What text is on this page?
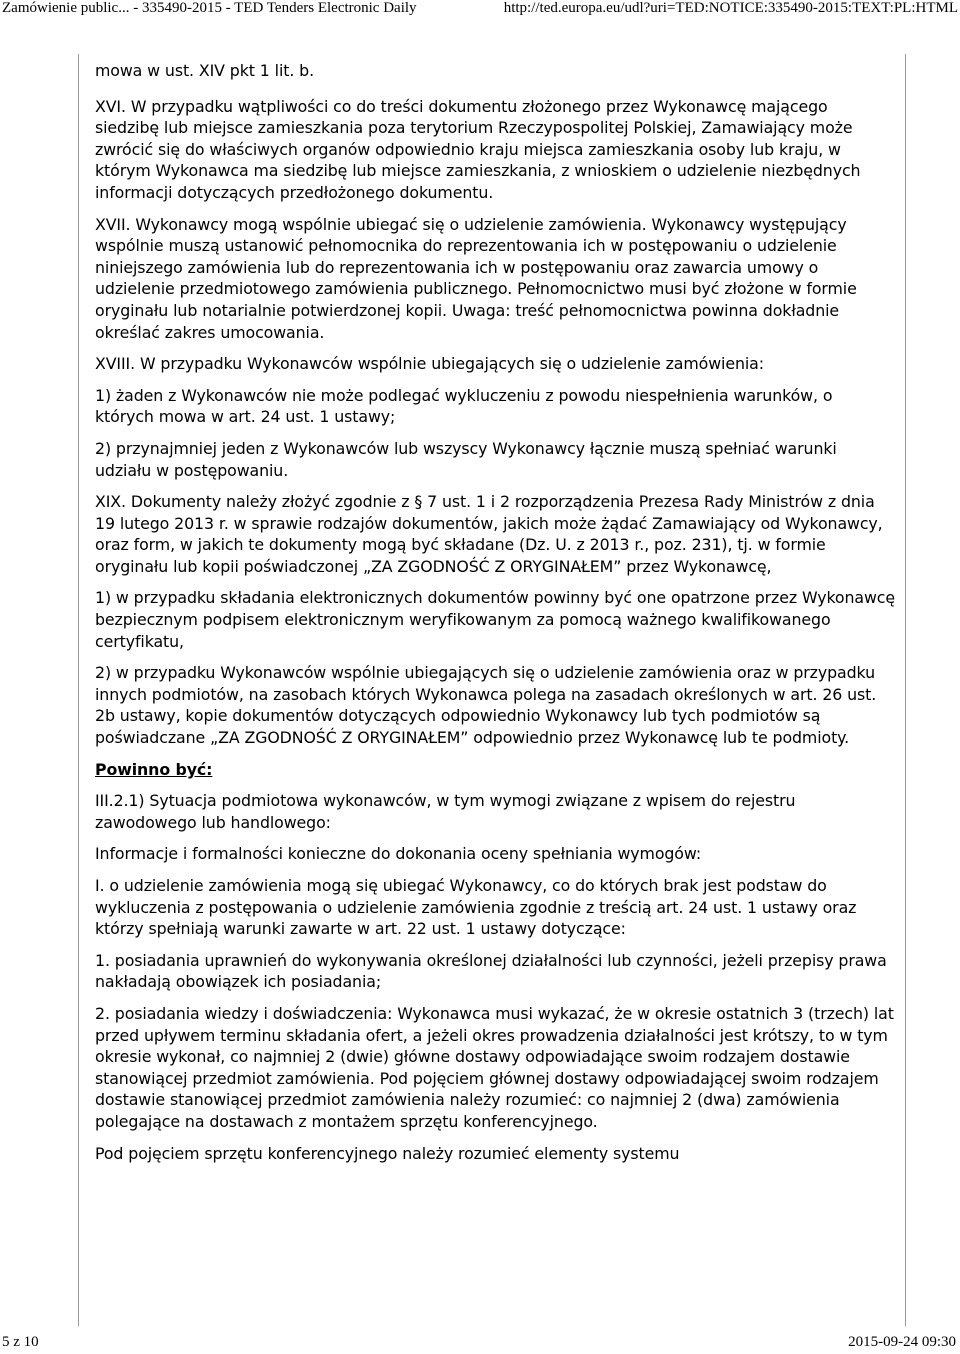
Zamówienie public... - 335490-2015 - TED Tenders Electronic Daily	http://ted.europa.eu/udl?uri=TED:NOTICE:335490-2015:TEXT:PL:HTML

mowa w ust. XIV pkt 1 lit. b.

XVI. W przypadku wątpliwości co do treści dokumentu złożonego przez Wykonawcę mającego siedzibę lub miejsce zamieszkania poza terytorium Rzeczypospolitej Polskiej, Zamawiający może zwrócić się do właściwych organów odpowiednio kraju miejsca zamieszkania osoby lub kraju, w którym Wykonawca ma siedzibę lub miejsce zamieszkania, z wnioskiem o udzielenie niezbędnych informacji dotyczących przedłożonego dokumentu.

XVII. Wykonawcy mogą wspólnie ubiegać się o udzielenie zamówienia. Wykonawcy występujący wspólnie muszą ustanowić pełnomocnika do reprezentowania ich w postępowaniu o udzielenie niniejszego zamówienia lub do reprezentowania ich w postępowaniu oraz zawarcia umowy o udzielenie przedmiotowego zamówienia publicznego. Pełnomocnictwo musi być złożone w formie oryginału lub notarialnie potwierdzonej kopii. Uwaga: treść pełnomocnictwa powinna dokładnie określać zakres umocowania.

XVIII. W przypadku Wykonawców wspólnie ubiegających się o udzielenie zamówienia:

1) żaden z Wykonawców nie może podlegać wykluczeniu z powodu niespełnienia warunków, o których mowa w art. 24 ust. 1 ustawy;

2) przynajmniej jeden z Wykonawców lub wszyscy Wykonawcy łącznie muszą spełniać warunki udziału w postępowaniu.

XIX. Dokumenty należy złożyć zgodnie z § 7 ust. 1 i 2 rozporządzenia Prezesa Rady Ministrów z dnia 19 lutego 2013 r. w sprawie rodzajów dokumentów, jakich może żądać Zamawiający od Wykonawcy, oraz form, w jakich te dokumenty mogą być składane (Dz. U. z 2013 r., poz. 231), tj. w formie oryginału lub kopii poświadczonej „ZA ZGODNOŚĆ Z ORYGINAŁEM” przez Wykonawcę,

1) w przypadku składania elektronicznych dokumentów powinny być one opatrzone przez Wykonawcę bezpiecznym podpisem elektronicznym weryfikowanym za pomocą ważnego kwalifikowanego certyfikatu,

2) w przypadku Wykonawców wspólnie ubiegających się o udzielenie zamówienia oraz w przypadku innych podmiotów, na zasobach których Wykonawca polega na zasadach określonych w art. 26 ust. 2b ustawy, kopie dokumentów dotyczących odpowiednio Wykonawcy lub tych podmiotów są poświadczane „ZA ZGODNOŚĆ Z ORYGINAŁEM” odpowiednio przez Wykonawcę lub te podmioty.

Powinno być:

III.2.1) Sytuacja podmiotowa wykonawców, w tym wymogi związane z wpisem do rejestru zawodowego lub handlowego:

Informacje i formalności konieczne do dokonania oceny spełniania wymogów:

I. o udzielenie zamówienia mogą się ubiegać Wykonawcy, co do których brak jest podstaw do wykluczenia z postępowania o udzielenie zamówienia zgodnie z treścią art. 24 ust. 1 ustawy oraz którzy spełniają warunki zawarte w art. 22 ust. 1 ustawy dotyczące:

1. posiadania uprawnień do wykonywania określonej działalności lub czynności, jeżeli przepisy prawa nakładają obowiązek ich posiadania;

2. posiadania wiedzy i doświadczenia: Wykonawca musi wykazać, że w okresie ostatnich 3 (trzech) lat przed upływem terminu składania ofert, a jeżeli okres prowadzenia działalności jest krótszy, to w tym okresie wykonał, co najmniej 2 (dwie) główne dostawy odpowiadające swoim rodzajem dostawie stanowiącej przedmiot zamówienia. Pod pojęciem głównej dostawy odpowiadającej swoim rodzajem dostawie stanowiącej przedmiot zamówienia należy rozumieć: co najmniej 2 (dwa) zamówienia polegające na dostawach z montażem sprzętu konferencyjnego.

Pod pojęciem sprzętu konferencyjnego należy rozumieć elementy systemu

5 z 10	2015-09-24 09:30
